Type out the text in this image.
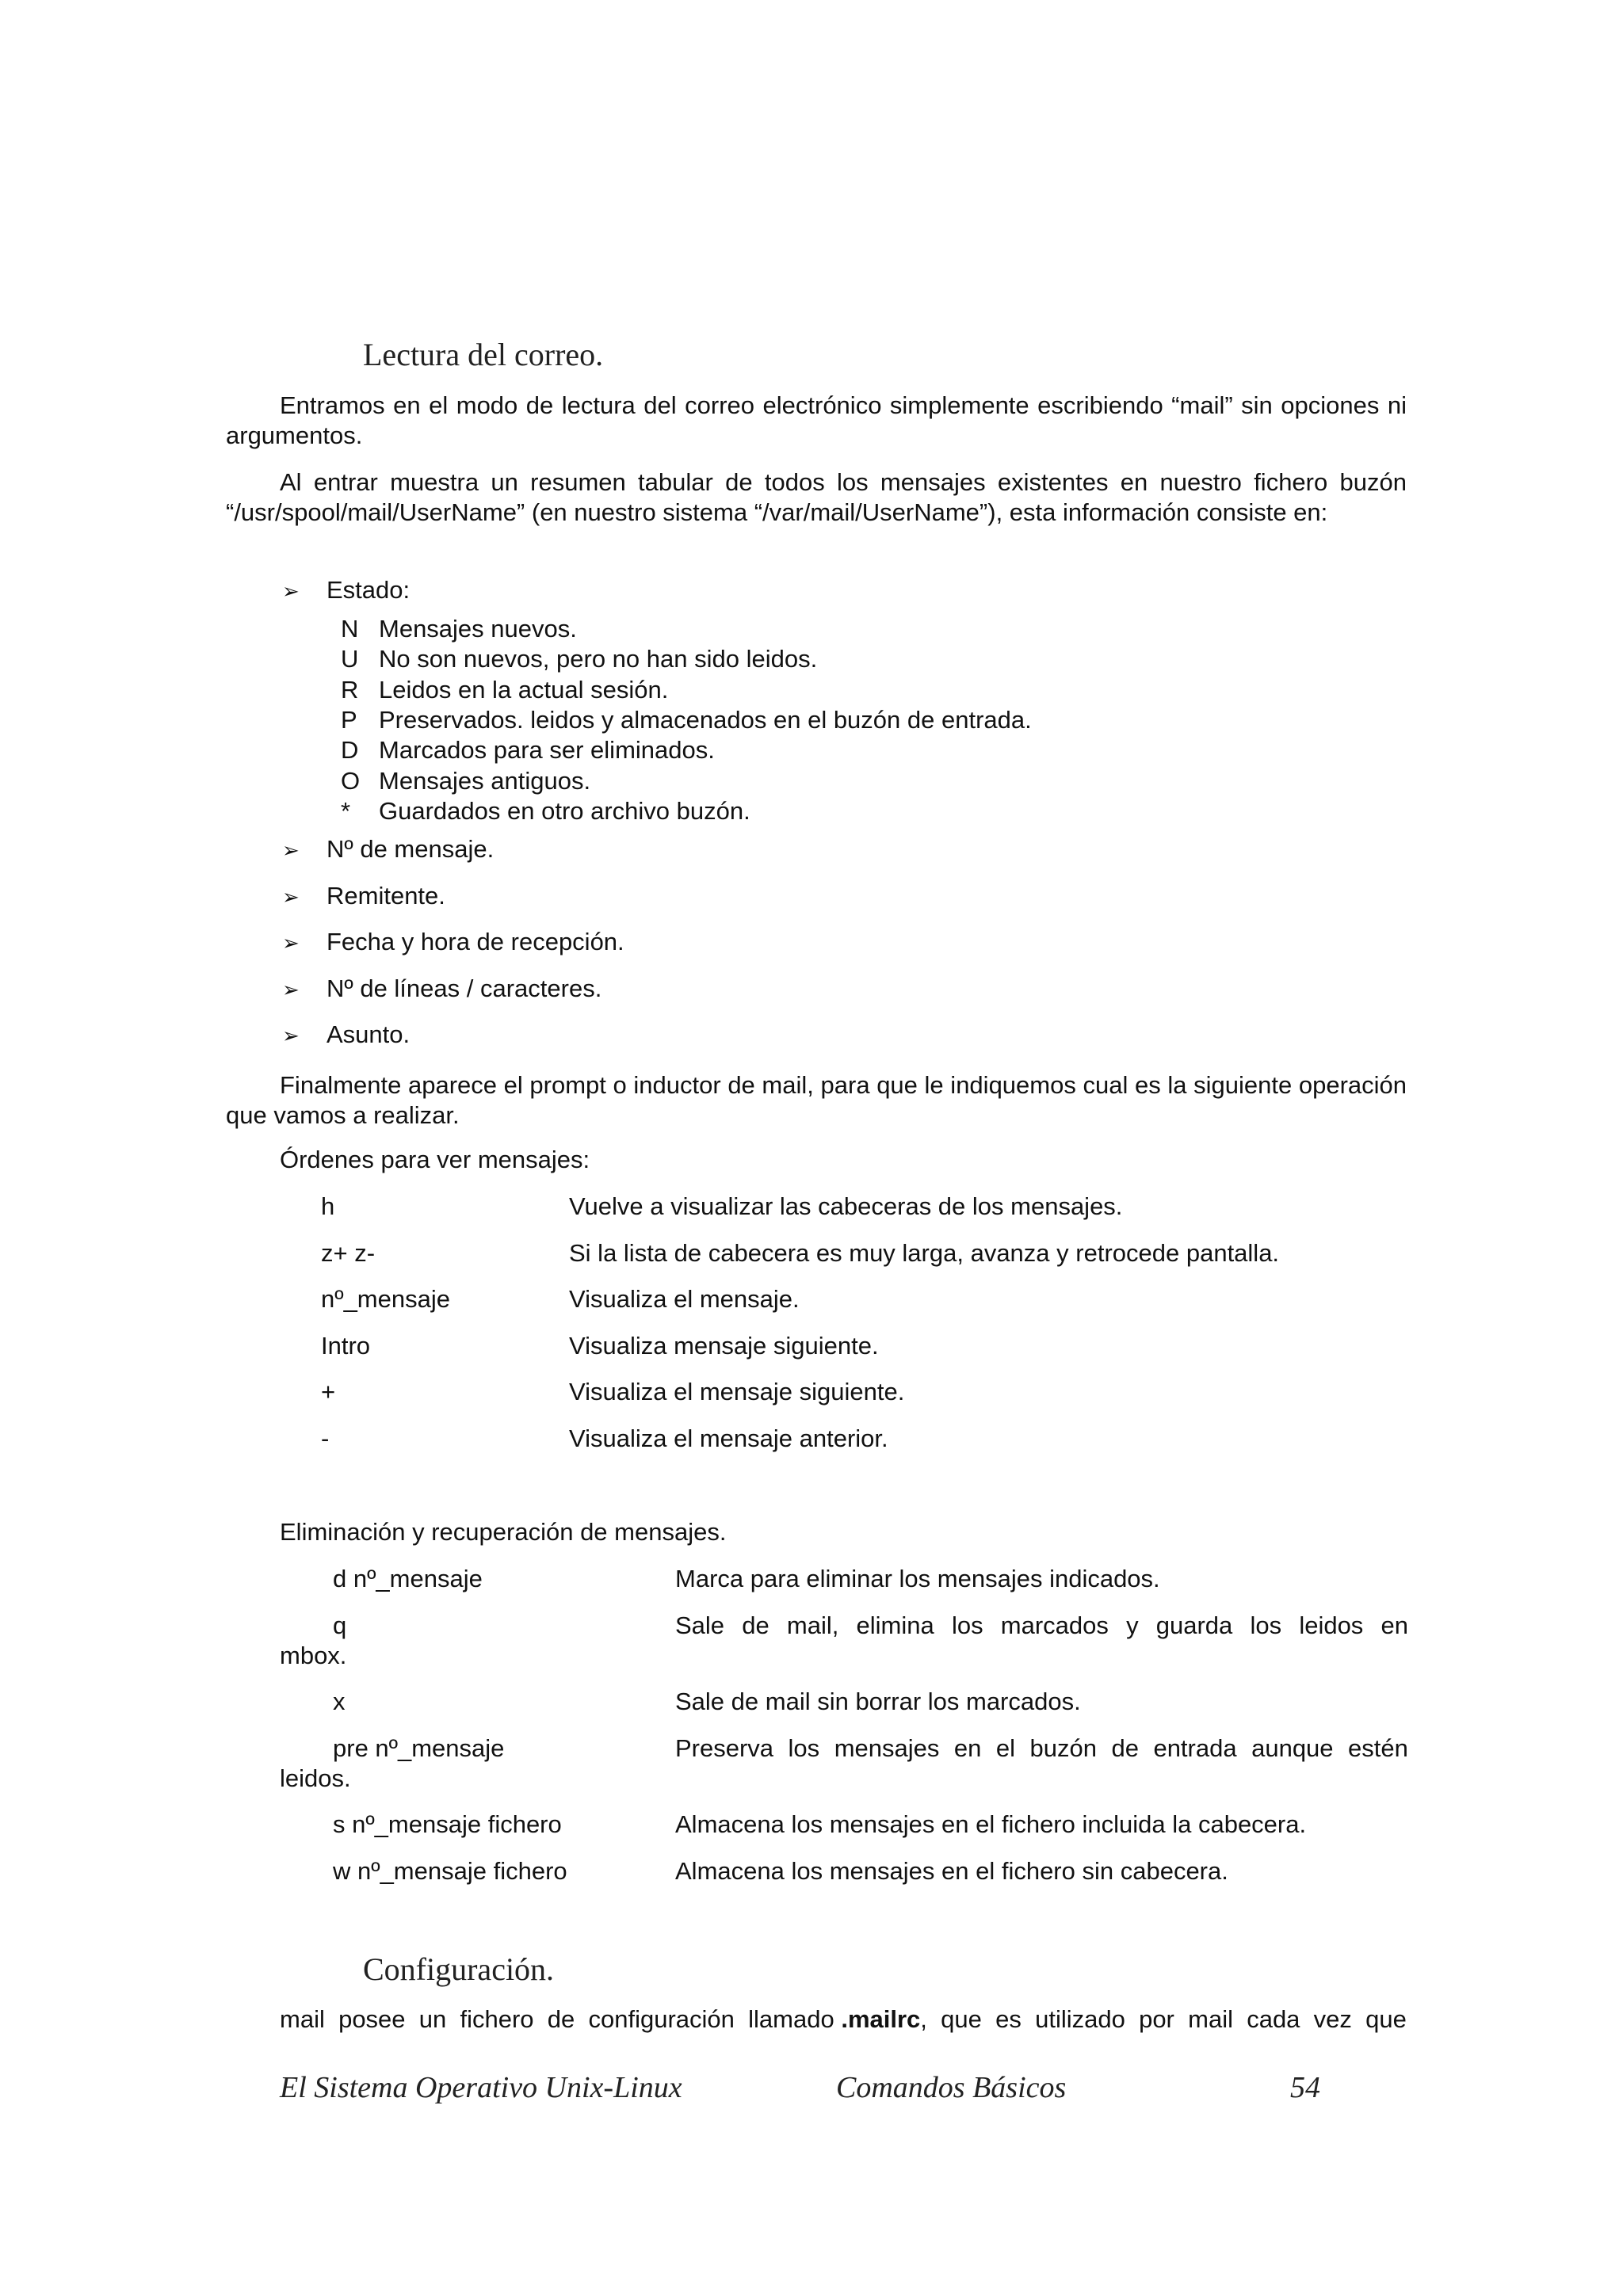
Lectura del correo.
Entramos en el modo de lectura del correo electrónico simplemente escribiendo “mail” sin opciones ni argumentos.
Al entrar muestra un resumen tabular de todos los mensajes existentes en nuestro fichero buzón “/usr/spool/mail/UserName” (en nuestro sistema “/var/mail/UserName”), esta información consiste en:
➢ Estado:
N Mensajes nuevos.
U No son nuevos, pero no han sido leidos.
R Leidos en la actual sesión.
P Preservados. leidos y almacenados en el buzón de entrada.
D Marcados para ser eliminados.
O Mensajes antiguos.
* Guardados en otro archivo buzón.
➢ Nº de mensaje.
➢ Remitente.
➢ Fecha y hora de recepción.
➢ Nº de líneas / caracteres.
➢ Asunto.
Finalmente aparece el prompt o inductor de mail, para que le indiquemos cual es la siguiente operación que vamos a realizar.
Órdenes para ver mensajes:
h	Vuelve a visualizar las cabeceras de los mensajes.
z+ z-	Si la lista de cabecera es muy larga, avanza y retrocede pantalla.
nº_mensaje	Visualiza el mensaje.
Intro	Visualiza mensaje siguiente.
+	Visualiza el mensaje siguiente.
-	Visualiza el mensaje anterior.
Eliminación y recuperación de mensajes.
d nº_mensaje	Marca para eliminar los mensajes indicados.
q	Sale de mail, elimina los marcados y guarda los leidos en
mbox.
x	Sale de mail sin borrar los marcados.
pre nº_mensaje	Preserva los mensajes en el buzón de entrada aunque estén
leidos.
s nº_mensaje fichero	Almacena los mensajes en el fichero incluida la cabecera.
w nº_mensaje fichero	Almacena los mensajes en el fichero sin cabecera.
Configuración.
mail posee un fichero de configuración llamado .mailrc, que es utilizado por mail cada vez que
El Sistema Operativo Unix-Linux	Comandos Básicos	54
